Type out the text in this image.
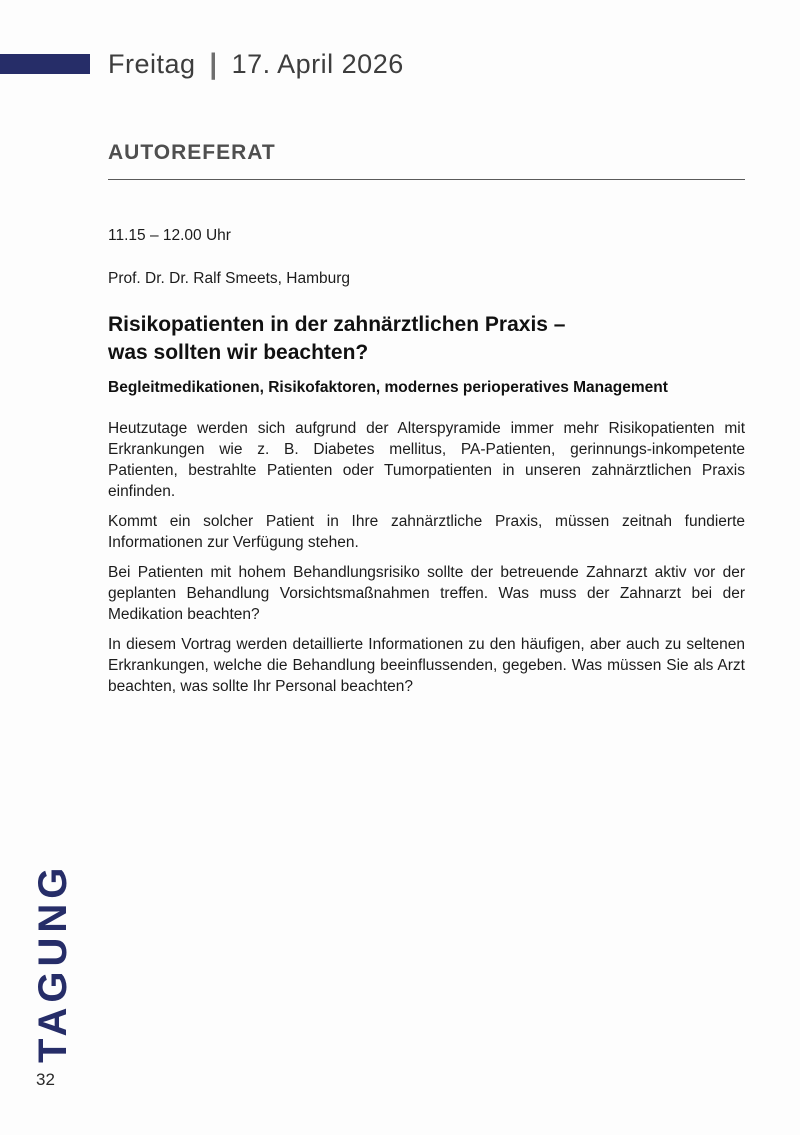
Freitag | 17. April 2026
AUTOREFERAT
11.15 – 12.00 Uhr
Prof. Dr. Dr. Ralf Smeets, Hamburg
Risikopatienten in der zahnärztlichen Praxis –
was sollten wir beachten?
Begleitmedikationen, Risikofaktoren, modernes perioperatives Management

Heutzutage werden sich aufgrund der Alterspyramide immer mehr Risikopatienten mit Erkrankungen wie z. B. Diabetes mellitus, PA-Patienten, gerinnungs-inkompetente Patienten, bestrahlte Patienten oder Tumorpatienten in unseren zahnärztlichen Praxis einfinden.

Kommt ein solcher Patient in Ihre zahnärztliche Praxis, müssen zeitnah fundierte Informationen zur Verfügung stehen.

Bei Patienten mit hohem Behandlungsrisiko sollte der betreuende Zahnarzt aktiv vor der geplanten Behandlung Vorsichtsmaßnahmen treffen. Was muss der Zahnarzt bei der Medikation beachten?

In diesem Vortrag werden detaillierte Informationen zu den häufigen, aber auch zu seltenen Erkrankungen, welche die Behandlung beeinflussenden, gegeben. Was müssen Sie als Arzt beachten, was sollte Ihr Personal beachten?

TAGUNG
32
